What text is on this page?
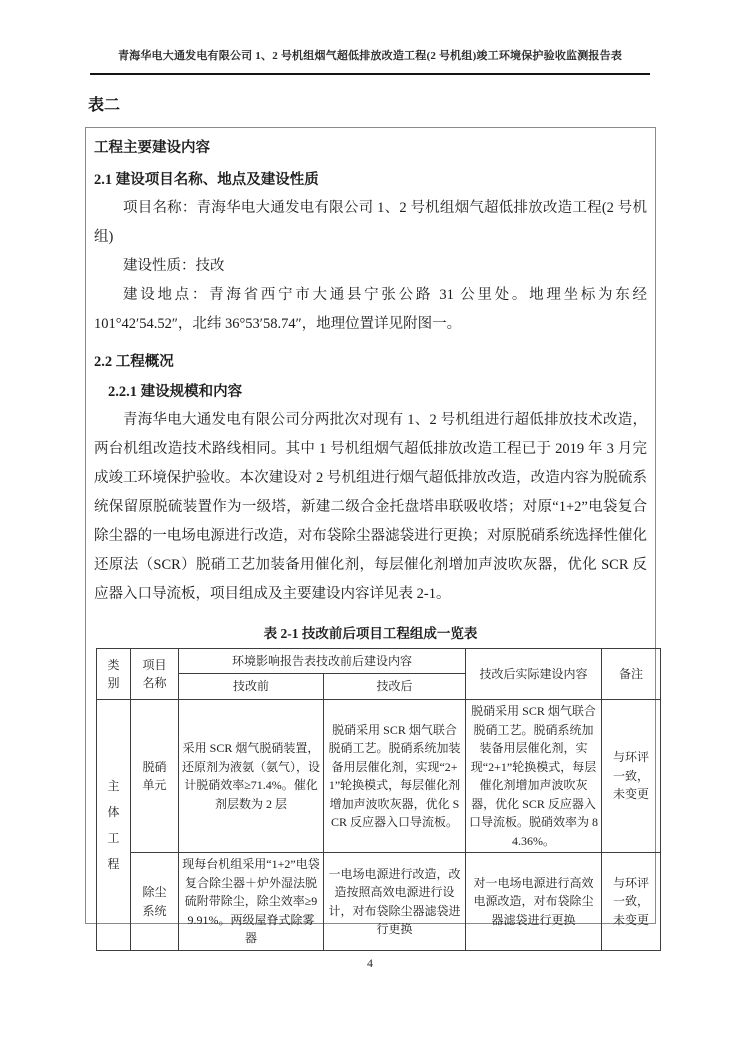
青海华电大通发电有限公司 1、2 号机组烟气超低排放改造工程(2 号机组)竣工环境保护验收监测报告表
表二
工程主要建设内容
2.1 建设项目名称、地点及建设性质

项目名称：青海华电大通发电有限公司 1、2 号机组烟气超低排放改造工程(2 号机组)

建设性质：技改

建设地点：青海省西宁市大通县宁张公路 31 公里处。地理坐标为东经 101°42′54.52″，北纬 36°53′58.74″，地理位置详见附图一。

2.2 工程概况
2.2.1 建设规模和内容

青海华电大通发电有限公司分两批次对现有 1、2 号机组进行超低排放技术改造，两台机组改造技术路线相同。其中 1 号机组烟气超低排放改造工程已于 2019 年 3 月完成竣工环境保护验收。本次建设对 2 号机组进行烟气超低排放改造，改造内容为脱硫系统保留原脱硫装置作为一级塔，新建二级合金托盘塔串联吸收塔；对原“1+2”电袋复合除尘器的一电场电源进行改造，对布袋除尘器滤袋进行更换；对原脱硝系统选择性催化还原法（SCR）脱硝工艺加装备用催化剂，每层催化剂增加声波吹灰器，优化 SCR 反应器入口导流板，项目组成及主要建设内容详见表 2-1。

表 2-1 技改前后项目工程组成一览表
类别	项目名称	环境影响报告表技改前后建设内容		技改后实际建设内容	备注
		技改前	技改后		
主体工程	脱硝单元	采用 SCR 烟气脱硝装置，还原剂为液氨（氨气），设计脱硝效率≥71.4%。催化剂层数为 2 层	脱硝采用 SCR 烟气联合脱硝工艺。脱硝系统加装备用层催化剂，实现“2+1”轮换模式，每层催化剂增加声波吹灰器，优化 SCR 反应器入口导流板。	脱硝采用 SCR 烟气联合脱硝工艺。脱硝系统加装备用层催化剂，实现“2+1”轮换模式，每层催化剂增加声波吹灰器，优化 SCR 反应器入口导流板。脱硝效率为 84.36%。	与环评一致，未变更
	除尘系统	现每台机组采用“1+2”电袋复合除尘器＋炉外湿法脱硫附带除尘，除尘效率≥99.91%。两级屋脊式除雾器	一电场电源进行改造，改造按照高效电源进行设计，对布袋除尘器滤袋进行更换	对一电场电源进行高效电源改造，对布袋除尘器滤袋进行更换	与环评一致，未变更
4
